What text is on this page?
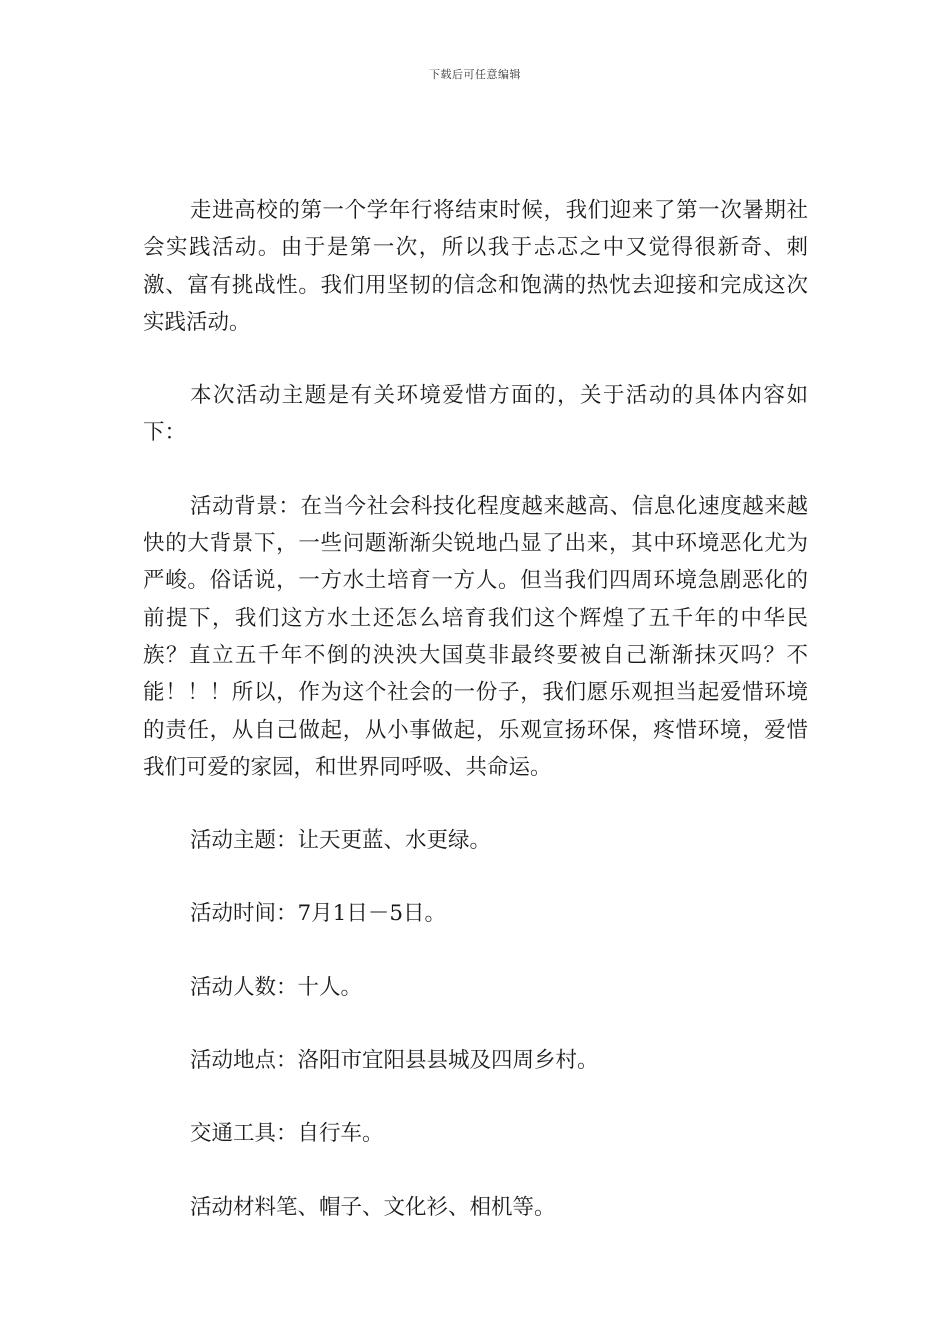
下载后可任意编辑

走进高校的第一个学年行将结束时候，我们迎来了第一次暑期社会实践活动。由于是第一次，所以我于忐忑之中又觉得很新奇、刺激、富有挑战性。我们用坚韧的信念和饱满的热忱去迎接和完成这次实践活动。

本次活动主题是有关环境爱惜方面的，关于活动的具体内容如下：

活动背景：在当今社会科技化程度越来越高、信息化速度越来越快的大背景下，一些问题渐渐尖锐地凸显了出来，其中环境恶化尤为严峻。俗话说，一方水土培育一方人。但当我们四周环境急剧恶化的前提下，我们这方水土还怎么培育我们这个辉煌了五千年的中华民族？直立五千年不倒的泱泱大国莫非最终要被自己渐渐抹灭吗？不能！！！所以，作为这个社会的一份子，我们愿乐观担当起爱惜环境的责任，从自己做起，从小事做起，乐观宣扬环保，疼惜环境，爱惜我们可爱的家园，和世界同呼吸、共命运。

活动主题：让天更蓝、水更绿。

活动时间：7月1日－5日。

活动人数：十人。

活动地点：洛阳市宜阳县县城及四周乡村。

交通工具：自行车。

活动材料笔、帽子、文化衫、相机等。
